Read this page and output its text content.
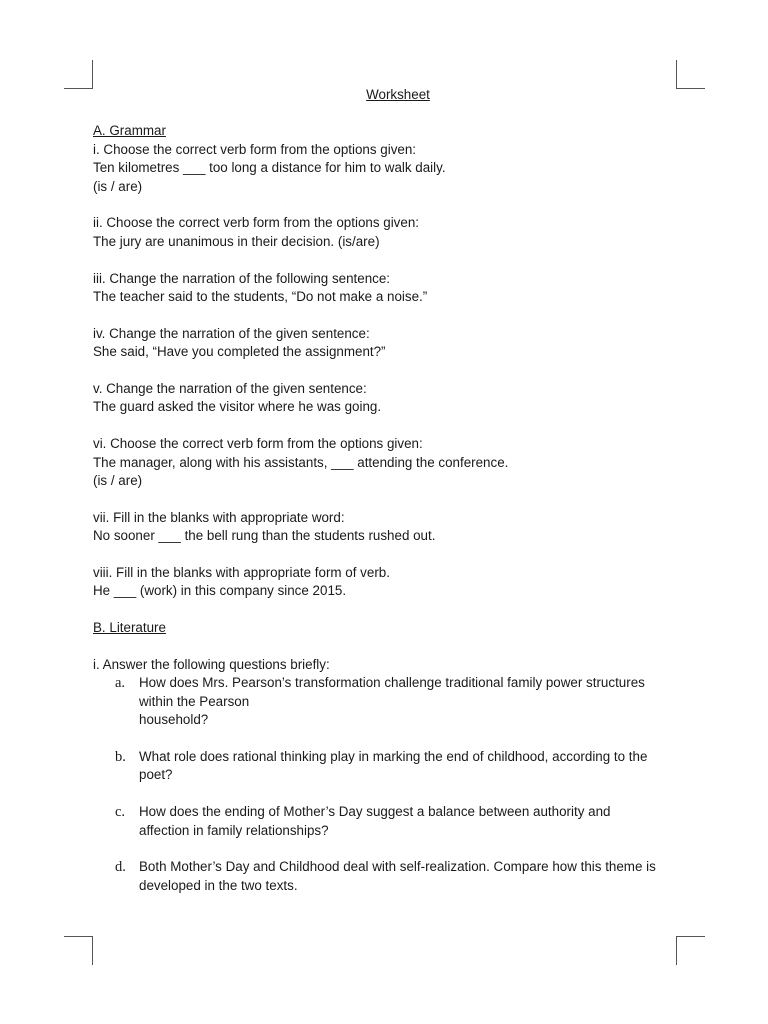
Worksheet
A. Grammar
i. Choose the correct verb form from the options given:
Ten kilometres ___ too long a distance for him to walk daily.
(is / are)
ii. Choose the correct verb form from the options given:
The jury are unanimous in their decision. (is/are)
iii. Change the narration of the following sentence:
The teacher said to the students, “Do not make a noise.”
iv. Change the narration of the given sentence:
She said, “Have you completed the assignment?”
v. Change the narration of the given sentence:
The guard asked the visitor where he was going.
vi. Choose the correct verb form from the options given:
The manager, along with his assistants, ___ attending the conference.
(is / are)
vii. Fill in the blanks with appropriate word:
No sooner ___ the bell rung than the students rushed out.
viii. Fill in the blanks with appropriate form of verb.
He ___ (work) in this company since 2015.
B. Literature
i. Answer the following questions briefly:
a. How does Mrs. Pearson’s transformation challenge traditional family power structures
within the Pearson
household?
b. What role does rational thinking play in marking the end of childhood, according to the
poet?
c. How does the ending of Mother’s Day suggest a balance between authority and
affection in family relationships?
d. Both Mother’s Day and Childhood deal with self-realization. Compare how this theme is
developed in the two texts.
